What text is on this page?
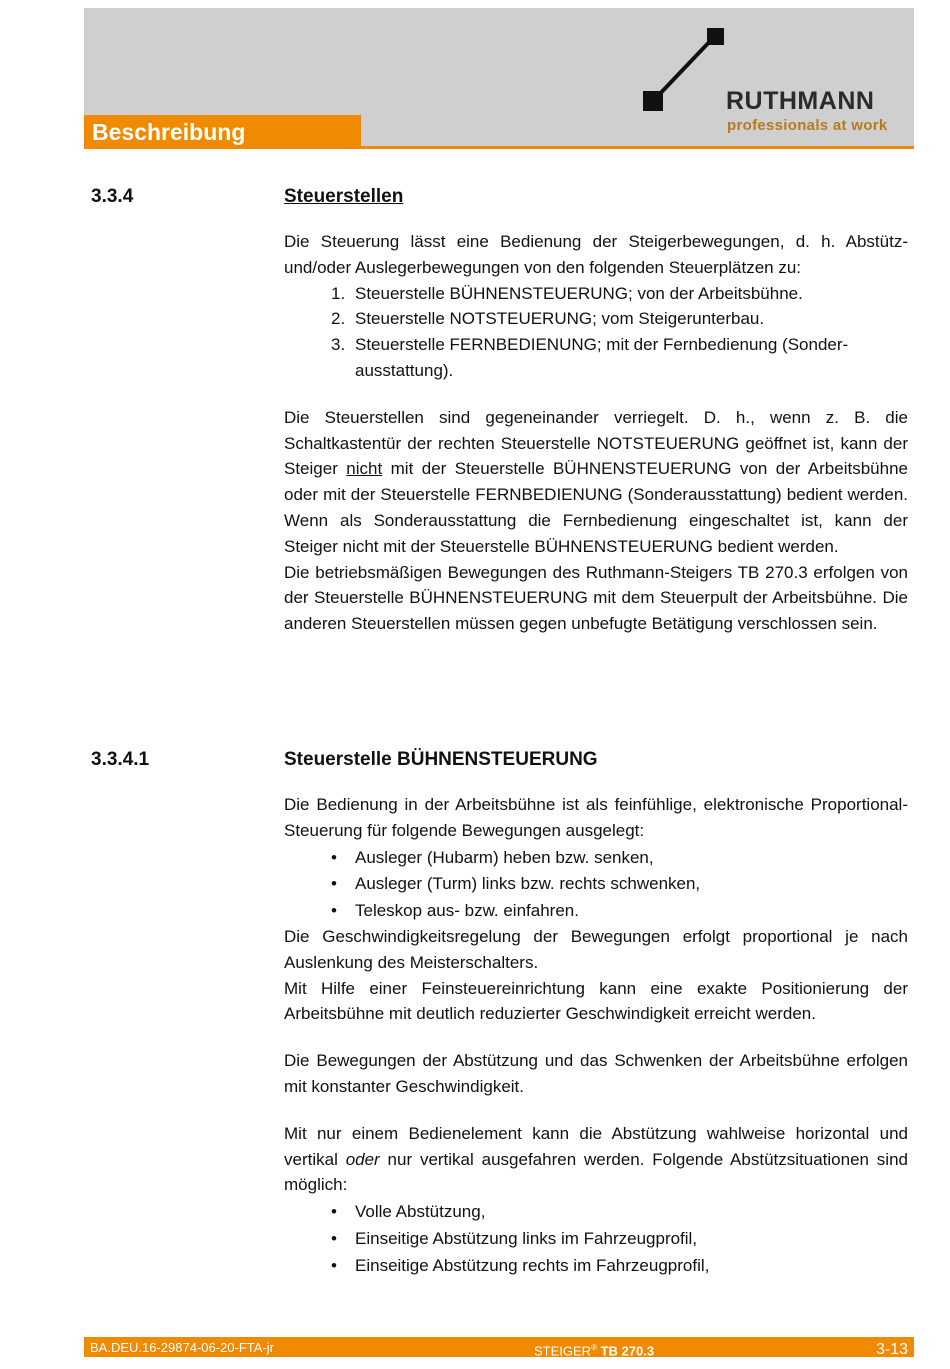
Beschreibung
RUTHMANN
professionals at work
3.3.4	Steuerstellen

Die Steuerung lässt eine Bedienung der Steigerbewegungen, d. h. Abstütz- und/oder Auslegerbewegungen von den folgenden Steuerplätzen zu:

1. Steuerstelle BÜHNENSTEUERUNG; von der Arbeitsbühne.
2. Steuerstelle NOTSTEUERUNG; vom Steigerunterbau.
3. Steuerstelle FERNBEDIENUNG; mit der Fernbedienung (Sonder- ausstattung).

Die Steuerstellen sind gegeneinander verriegelt. D. h., wenn z. B. die Schaltkastentür der rechten Steuerstelle NOTSTEUERUNG geöffnet ist, kann der Steiger nicht mit der Steuerstelle BÜHNENSTEUERUNG von der Arbeitsbühne oder mit der Steuerstelle FERNBEDIENUNG (Sonderausstattung) bedient werden. Wenn als Sonderausstattung die Fernbedienung eingeschaltet ist, kann der Steiger nicht mit der Steuerstelle BÜHNENSTEUERUNG bedient werden.

Die betriebsmäßigen Bewegungen des Ruthmann-Steigers TB 270.3 erfolgen von der Steuerstelle BÜHNENSTEUERUNG mit dem Steuerpult der Arbeitsbühne. Die anderen Steuerstellen müssen gegen unbefugte Betätigung verschlossen sein.

3.3.4.1	Steuerstelle BÜHNENSTEUERUNG

Die Bedienung in der Arbeitsbühne ist als feinfühlige, elektronische Proportional-Steuerung für folgende Bewegungen ausgelegt:

• Ausleger (Hubarm) heben bzw. senken,
• Ausleger (Turm) links bzw. rechts schwenken,
• Teleskop aus- bzw. einfahren.

Die Geschwindigkeitsregelung der Bewegungen erfolgt proportional je nach Auslenkung des Meisterschalters.

Mit Hilfe einer Feinsteuereinrichtung kann eine exakte Positionierung der Arbeitsbühne mit deutlich reduzierter Geschwindigkeit erreicht werden.

Die Bewegungen der Abstützung und das Schwenken der Arbeitsbühne erfolgen mit konstanter Geschwindigkeit.

Mit nur einem Bedienelement kann die Abstützung wahlweise horizontal und vertikal oder nur vertikal ausgefahren werden. Folgende Abstützsituationen sind möglich:

• Volle Abstützung,
• Einseitige Abstützung links im Fahrzeugprofil,
• Einseitige Abstützung rechts im Fahrzeugprofil,
BA.DEU.16-29874-06-20-FTA-jr	STEIGER® TB 270.3	3-13
